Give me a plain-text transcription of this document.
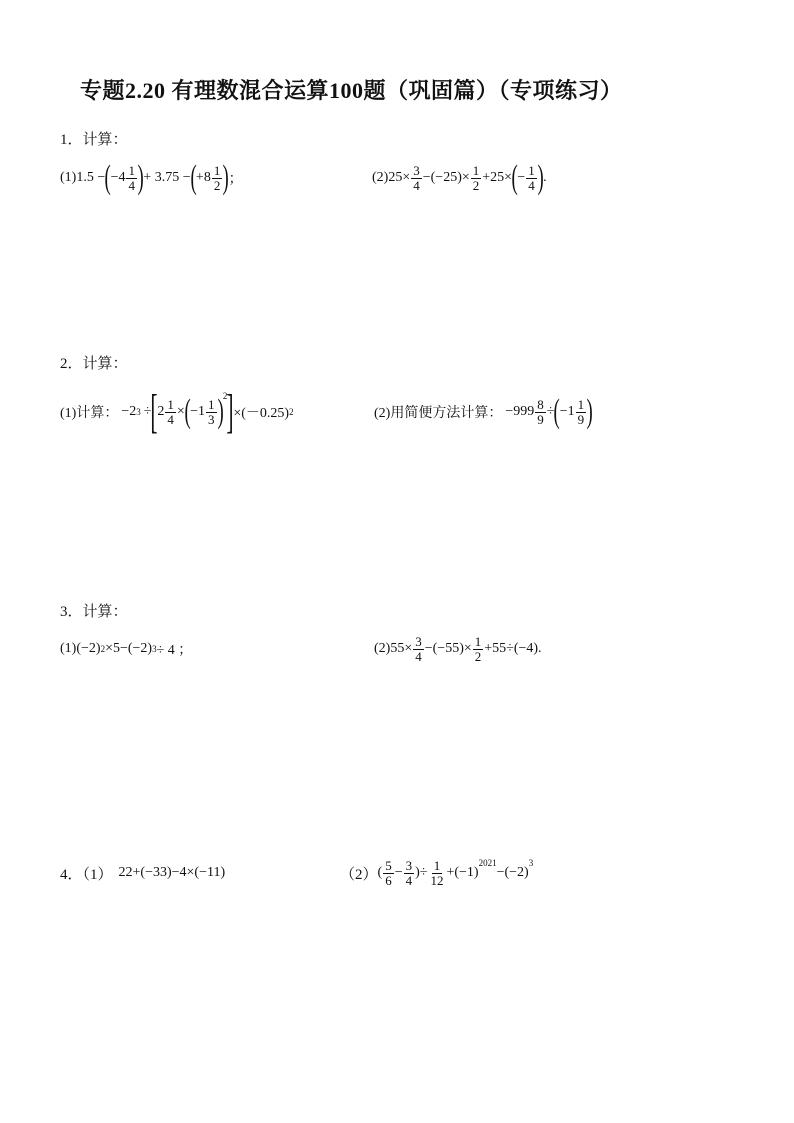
专题2.20 有理数混合运算100题（巩固篇）（专项练习）
1．计算：
(1) 1.5 − ( $-4 \frac{1}{4}$ ) + 3.75 − ( $+8 \frac{1}{2}$ ) ；	(2) $25\times \frac{3}{4} -(-25)\times \frac{1}{2} +25\times$ ( − $\frac{1}{4}$ ) .
2．计算：
(1)计算： −2 3 ÷ [ $2 \frac{1}{4}$ × ( $-1 \frac{1}{3} )^2$ ] ×(－0.25) 2	(2)用简便方法计算： $-999 \frac{8}{9}$ ÷ ( $-1 \frac{1}{9}$ )
3．计算：
(1) (−2) 2 ×5−(−2) 3 ÷ 4 ；	(2) $55\times \frac{3}{4} -(-55)\times \frac{1}{2} +55\div(-4)$.
4．（1） 22+(−33)−4×(−11)	（2） ( $\frac{5}{6} - \frac{3}{4}$ )÷ $\frac{1}{12} +(-1)$
$^{2021}$
−(−2)
$^3$
